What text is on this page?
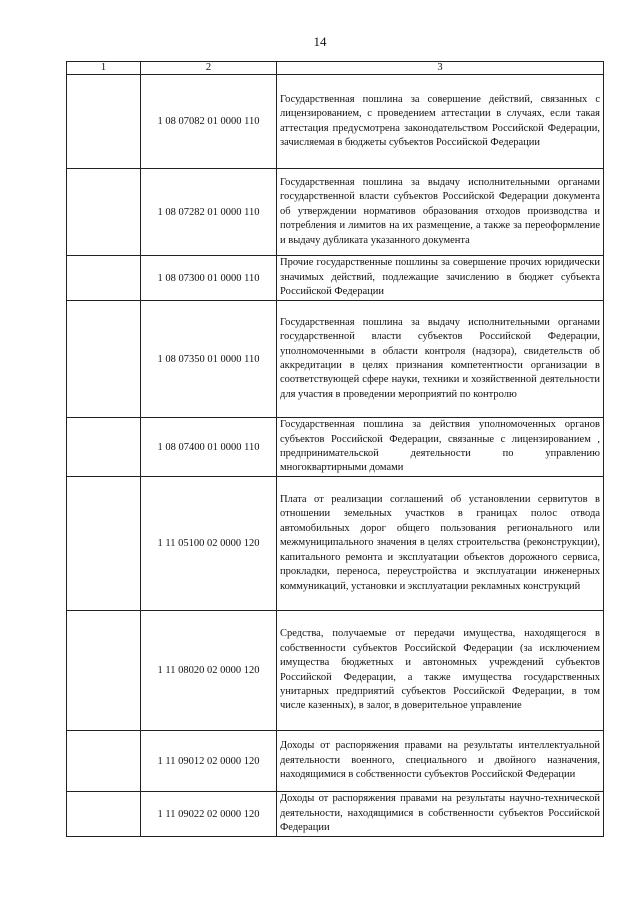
14
1	2	3
	1 08 07082 01 0000 110	Государственная пошлина за совершение действий, связанных с лицензированием, с проведением аттестации в случаях, если такая аттестация предусмотрена законодательством Российской Федерации, зачисляемая в бюджеты субъектов Российской Федерации
	1 08 07282 01 0000 110	Государственная пошлина за выдачу исполнительными органами государственной власти субъектов Российской Федерации документа об утверждении нормативов образования отходов производства и потребления и лимитов на их размещение, а также за переоформление и выдачу дубликата указанного документа
	1 08 07300 01 0000 110	Прочие государственные пошлины за совершение прочих юридически значимых действий, подлежащие зачислению в бюджет субъекта Российской Федерации
	1 08 07350 01 0000 110	Государственная пошлина за выдачу исполнительными органами государственной власти субъектов Российской Федерации, уполномоченными в области контроля (надзора), свидетельств об аккредитации в целях признания компетентности организации в соответствующей сфере науки, техники и хозяйственной деятельности для участия в проведении мероприятий по контролю
	1 08 07400 01 0000 110	Государственная пошлина за действия уполномоченных органов субъектов Российской Федерации, связанные с лицензированием , предпринимательской деятельности по управлению многоквартирными домами
	1 11 05100 02 0000 120	Плата от реализации соглашений об установлении сервитутов в отношении земельных участков в границах полос отвода автомобильных дорог общего пользования регионального или межмуниципального значения в целях строительства (реконструкции), капитального ремонта и эксплуатации объектов дорожного сервиса, прокладки, переноса, переустройства и эксплуатации инженерных коммуникаций, установки и эксплуатации рекламных конструкций
	1 11 08020 02 0000 120	Средства, получаемые от передачи имущества, находящегося в собственности субъектов Российской Федерации (за исключением имущества бюджетных и автономных учреждений субъектов Российской Федерации, а также имущества государственных унитарных предприятий субъектов Российской Федерации, в том числе казенных), в залог, в доверительное управление
	1 11 09012 02 0000 120	Доходы от распоряжения правами на результаты интеллектуальной деятельности военного, специального и двойного назначения, находящимися в собственности субъектов Российской Федерации
	1 11 09022 02 0000 120	Доходы от распоряжения правами на результаты научно-технической деятельности, находящимися в собственности субъектов Российской Федерации
